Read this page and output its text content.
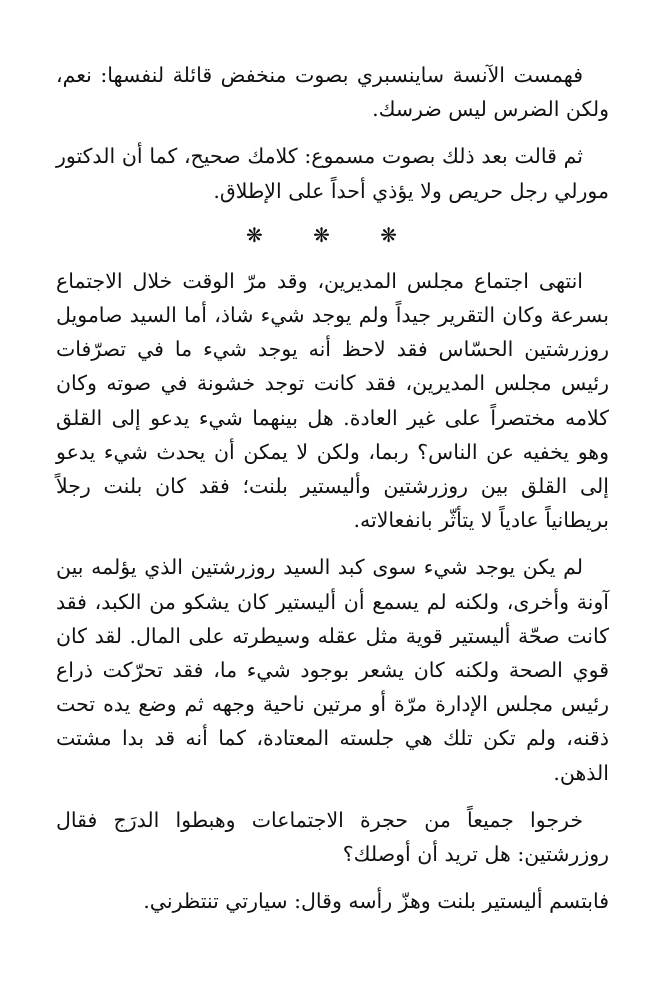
فهمست الآنسة ساينسبري بصوت منخفض قائلة لنفسها: نعم، ولكن الضرس ليس ضرسك.

ثم قالت بعد ذلك بصوت مسموع: كلامك صحيح، كما أن الدكتور مورلي رجل حريص ولا يؤذي أحداً على الإطلاق.

❋ ❋ ❋

انتهى اجتماع مجلس المديرين، وقد مرّ الوقت خلال الاجتماع بسرعة وكان التقرير جيداً ولم يوجد شيء شاذ، أما السيد صامويل روزرشتين الحسّاس فقد لاحظ أنه يوجد شيء ما في تصرّفات رئيس مجلس المديرين، فقد كانت توجد خشونة في صوته وكان كلامه مختصراً على غير العادة. هل بينهما شيء يدعو إلى القلق وهو يخفيه عن الناس؟ ربما، ولكن لا يمكن أن يحدث شيء يدعو إلى القلق بين روزرشتين وأليستير بلنت؛ فقد كان بلنت رجلاً بريطانياً عادياً لا يتأثّر بانفعالاته.

لم يكن يوجد شيء سوى كبد السيد روزرشتين الذي يؤلمه بين آونة وأخرى، ولكنه لم يسمع أن أليستير كان يشكو من الكبد، فقد كانت صحّة أليستير قوية مثل عقله وسيطرته على المال. لقد كان قوي الصحة ولكنه كان يشعر بوجود شيء ما، فقد تحرّكت ذراع رئيس مجلس الإدارة مرّة أو مرتين ناحية وجهه ثم وضع يده تحت ذقنه، ولم تكن تلك هي جلسته المعتادة، كما أنه قد بدا مشتت الذهن.

خرجوا جميعاً من حجرة الاجتماعات وهبطوا الدرَج فقال روزرشتين: هل تريد أن أوصلك؟

فابتسم أليستير بلنت وهزّ رأسه وقال: سيارتي تنتظرني.
